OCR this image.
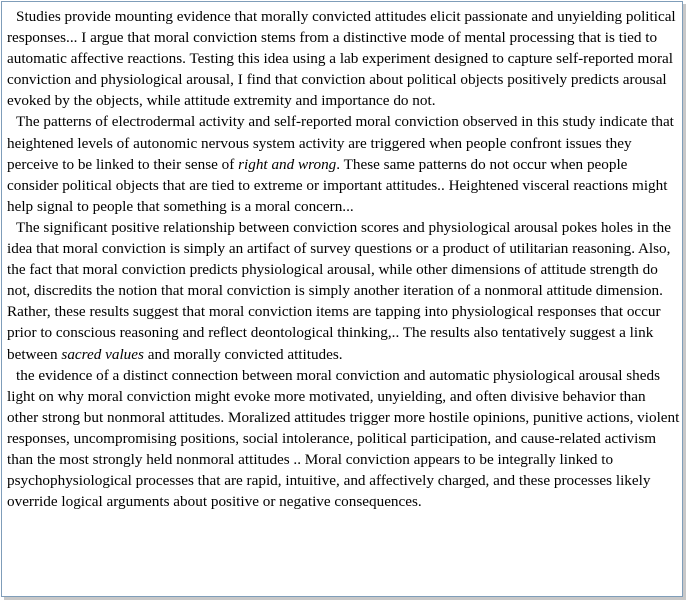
Studies provide mounting evidence that morally convicted attitudes elicit passionate and unyielding political responses... I argue that moral conviction stems from a distinctive mode of mental processing that is tied to automatic affective reactions. Testing this idea using a lab experiment designed to capture self-reported moral conviction and physiological arousal, I find that conviction about political objects positively predicts arousal evoked by the objects, while attitude extremity and importance do not.

The patterns of electrodermal activity and self-reported moral conviction observed in this study indicate that heightened levels of autonomic nervous system activity are triggered when people confront issues they perceive to be linked to their sense of right and wrong. These same patterns do not occur when people consider political objects that are tied to extreme or important attitudes.. Heightened visceral reactions might help signal to people that something is a moral concern...

The significant positive relationship between conviction scores and physiological arousal pokes holes in the idea that moral conviction is simply an artifact of survey questions or a product of utilitarian reasoning. Also, the fact that moral conviction predicts physiological arousal, while other dimensions of attitude strength do not, discredits the notion that moral conviction is simply another iteration of a nonmoral attitude dimension. Rather, these results suggest that moral conviction items are tapping into physiological responses that occur prior to conscious reasoning and reflect deontological thinking,.. The results also tentatively suggest a link between sacred values and morally convicted attitudes.

the evidence of a distinct connection between moral conviction and automatic physiological arousal sheds light on why moral conviction might evoke more motivated, unyielding, and often divisive behavior than other strong but nonmoral attitudes. Moralized attitudes trigger more hostile opinions, punitive actions, violent responses, uncompromising positions, social intolerance, political participation, and cause-related activism than the most strongly held nonmoral attitudes .. Moral conviction appears to be integrally linked to psychophysiological processes that are rapid, intuitive, and affectively charged, and these processes likely override logical arguments about positive or negative consequences.
